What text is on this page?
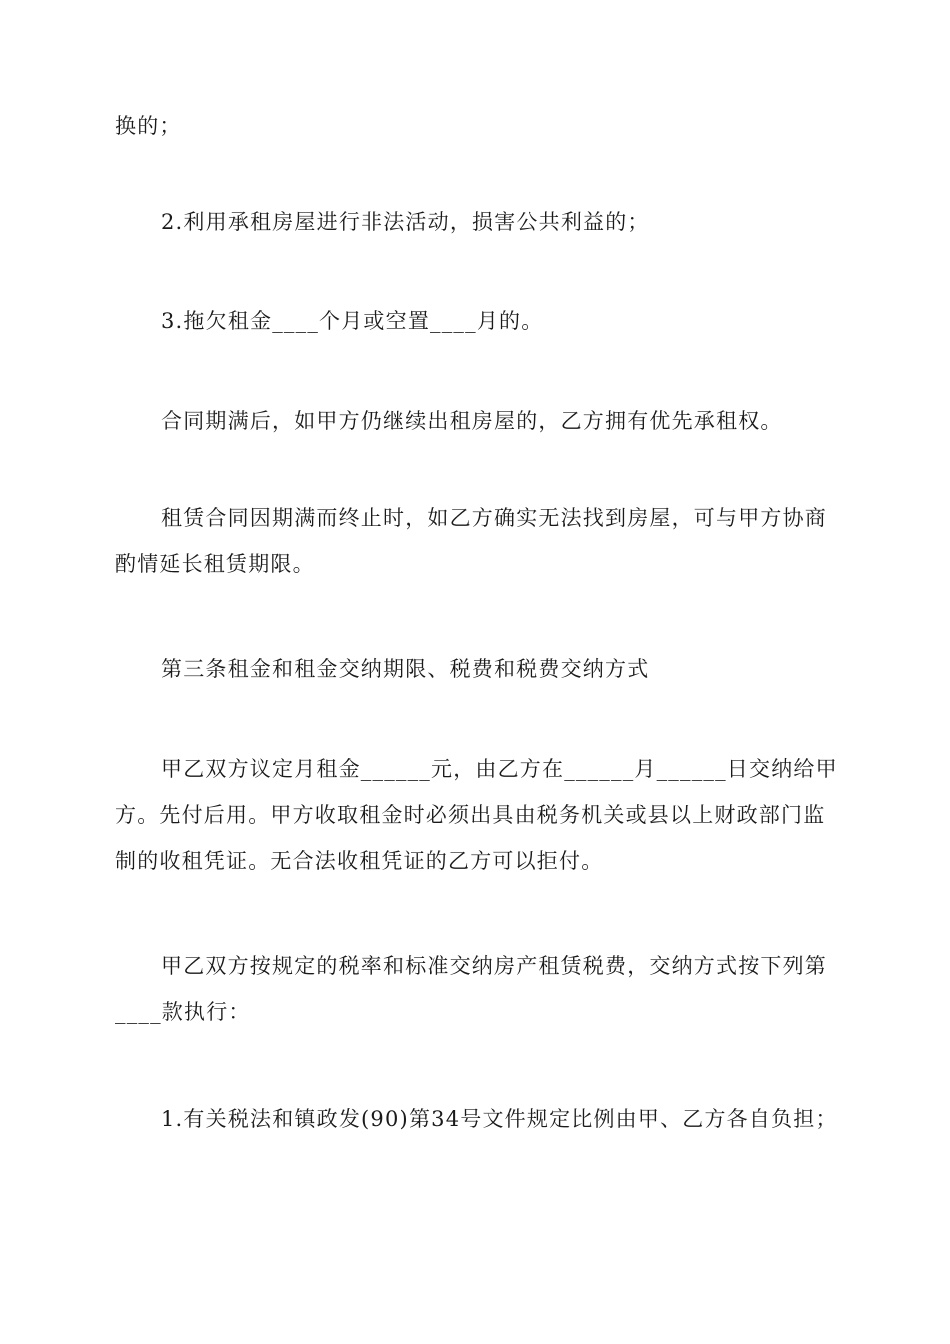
换的；

2.利用承租房屋进行非法活动，损害公共利益的；

3.拖欠租金____个月或空置____月的。

合同期满后，如甲方仍继续出租房屋的，乙方拥有优先承租权。

租赁合同因期满而终止时，如乙方确实无法找到房屋，可与甲方协商
酌情延长租赁期限。

第三条租金和租金交纳期限、税费和税费交纳方式

甲乙双方议定月租金______元，由乙方在______月______日交纳给甲
方。先付后用。甲方收取租金时必须出具由税务机关或县以上财政部门监
制的收租凭证。无合法收租凭证的乙方可以拒付。

甲乙双方按规定的税率和标准交纳房产租赁税费，交纳方式按下列第
____款执行：

1.有关税法和镇政发(90)第34号文件规定比例由甲、乙方各自负担；
